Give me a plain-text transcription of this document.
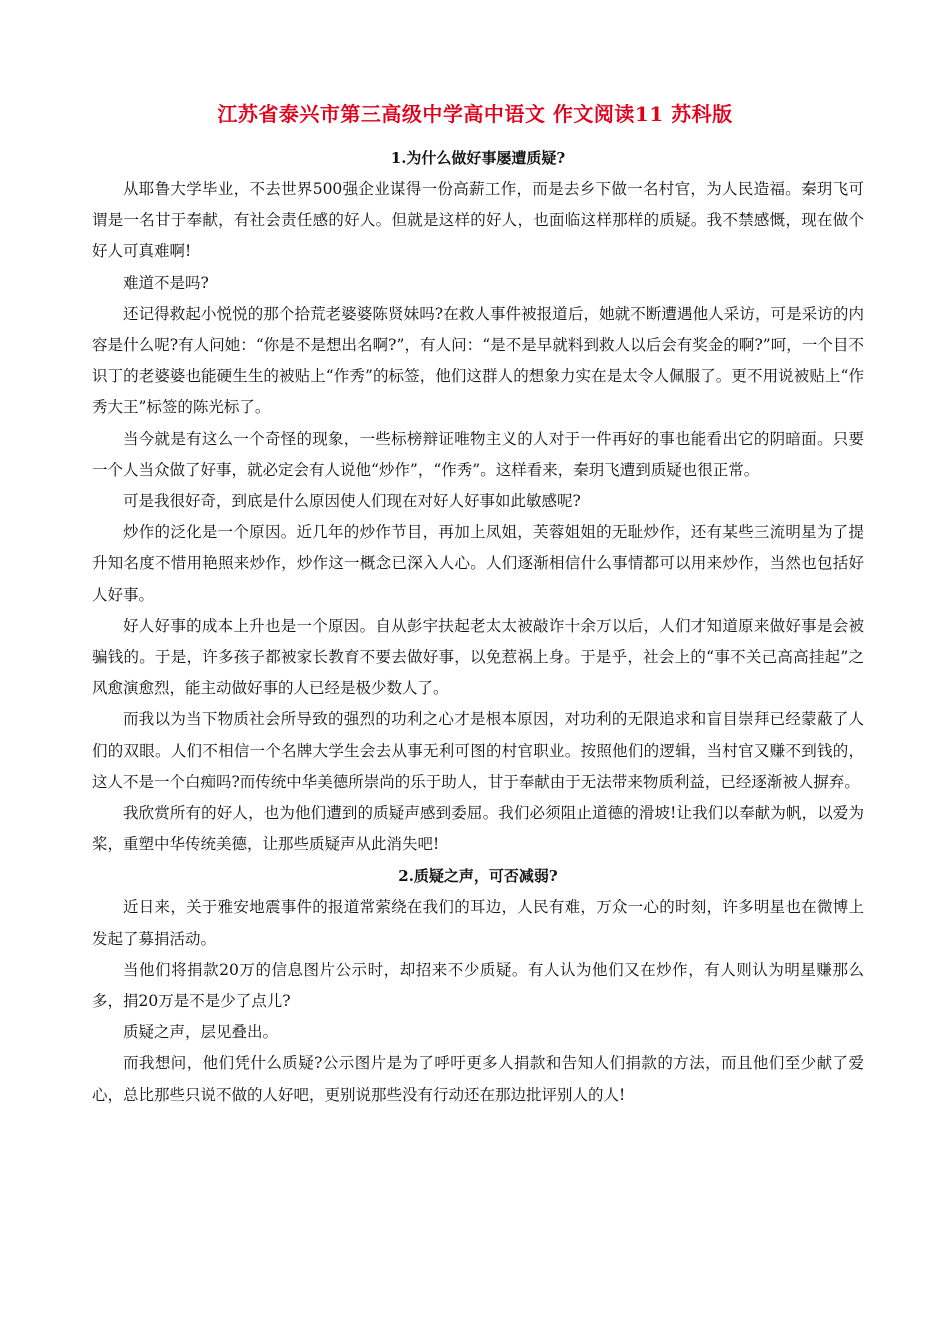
江苏省泰兴市第三高级中学高中语文 作文阅读11 苏科版

1.为什么做好事屡遭质疑?

从耶鲁大学毕业，不去世界500强企业谋得一份高薪工作，而是去乡下做一名村官，为人民造福。秦玥飞可谓是一名甘于奉献，有社会责任感的好人。但就是这样的好人，也面临这样那样的质疑。我不禁感慨，现在做个好人可真难啊!

难道不是吗?

还记得救起小悦悦的那个拾荒老婆婆陈贤妹吗?在救人事件被报道后，她就不断遭遇他人采访，可是采访的内容是什么呢?有人问她：“你是不是想出名啊?”，有人问：“是不是早就料到救人以后会有奖金的啊?”呵，一个目不识丁的老婆婆也能硬生生的被贴上“作秀”的标签，他们这群人的想象力实在是太令人佩服了。更不用说被贴上“作秀大王”标签的陈光标了。

当今就是有这么一个奇怪的现象，一些标榜辩证唯物主义的人对于一件再好的事也能看出它的阴暗面。只要一个人当众做了好事，就必定会有人说他“炒作”，“作秀”。这样看来，秦玥飞遭到质疑也很正常。

可是我很好奇，到底是什么原因使人们现在对好人好事如此敏感呢?

炒作的泛化是一个原因。近几年的炒作节目，再加上凤姐，芙蓉姐姐的无耻炒作，还有某些三流明星为了提升知名度不惜用艳照来炒作，炒作这一概念已深入人心。人们逐渐相信什么事情都可以用来炒作，当然也包括好人好事。

好人好事的成本上升也是一个原因。自从彭宇扶起老太太被敲诈十余万以后，人们才知道原来做好事是会被骗钱的。于是，许多孩子都被家长教育不要去做好事，以免惹祸上身。于是乎，社会上的“事不关己高高挂起”之风愈演愈烈，能主动做好事的人已经是极少数人了。

而我以为当下物质社会所导致的强烈的功利之心才是根本原因，对功利的无限追求和盲目崇拜已经蒙蔽了人们的双眼。人们不相信一个名牌大学生会去从事无利可图的村官职业。按照他们的逻辑，当村官又赚不到钱的，这人不是一个白痴吗?而传统中华美德所崇尚的乐于助人，甘于奉献由于无法带来物质利益，已经逐渐被人摒弃。

我欣赏所有的好人，也为他们遭到的质疑声感到委屈。我们必须阻止道德的滑坡!让我们以奉献为帆，以爱为桨，重塑中华传统美德，让那些质疑声从此消失吧!

2.质疑之声，可否减弱?

近日来，关于雅安地震事件的报道常萦绕在我们的耳边，人民有难，万众一心的时刻，许多明星也在微博上发起了募捐活动。

当他们将捐款20万的信息图片公示时，却招来不少质疑。有人认为他们又在炒作，有人则认为明星赚那么多，捐20万是不是少了点儿?

质疑之声，层见叠出。

而我想问，他们凭什么质疑?公示图片是为了呼吁更多人捐款和告知人们捐款的方法，而且他们至少献了爱心，总比那些只说不做的人好吧，更别说那些没有行动还在那边批评别人的人!
